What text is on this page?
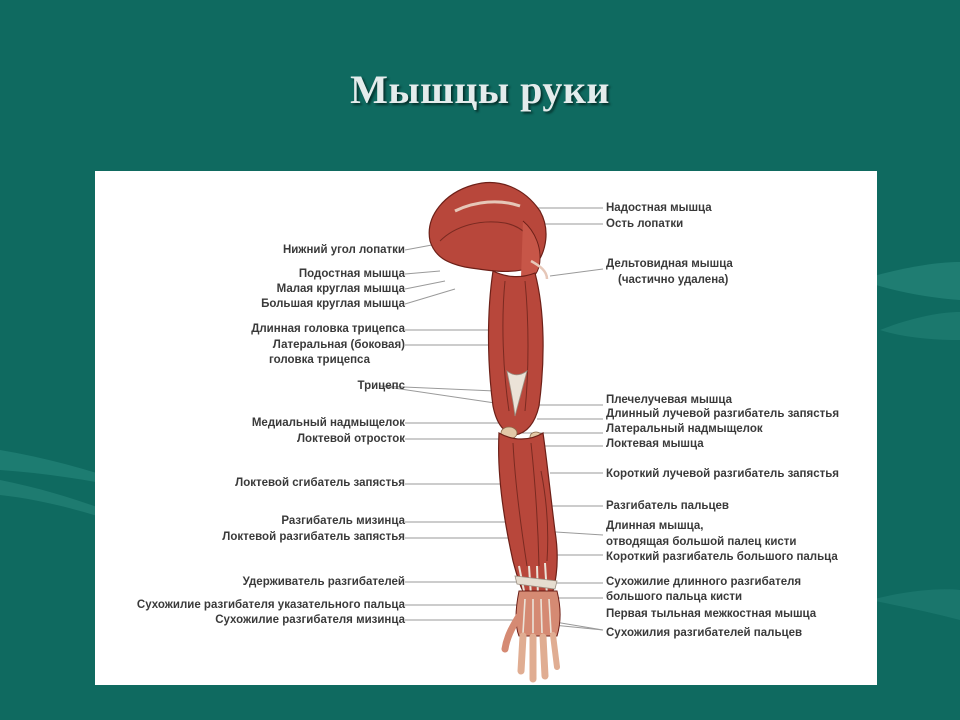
Мышцы руки
Нижний угол лопатки
Подостная мышца
Малая круглая мышца
Большая круглая мышца
Длинная головка трицепса
Латеральная (боковая)
головка трицепса
Трицепс
Медиальный надмыщелок
Локтевой отросток
Локтевой сгибатель запястья
Разгибатель мизинца
Локтевой разгибатель запястья
Удерживатель разгибателей
Сухожилие разгибателя указательного пальца
Сухожилие разгибателя мизинца
Надостная мышца
Ость лопатки
Дельтовидная мышца
(частично удалена)
Плечелучевая мышца
Длинный лучевой разгибатель запястья
Латеральный надмыщелок
Локтевая мышца
Короткий лучевой разгибатель запястья
Разгибатель пальцев
Длинная мышца,
отводящая большой палец кисти
Короткий разгибатель большого пальца
Сухожилие длинного разгибателя
большого пальца кисти
Первая тыльная межкостная мышца
Сухожилия разгибателей пальцев
